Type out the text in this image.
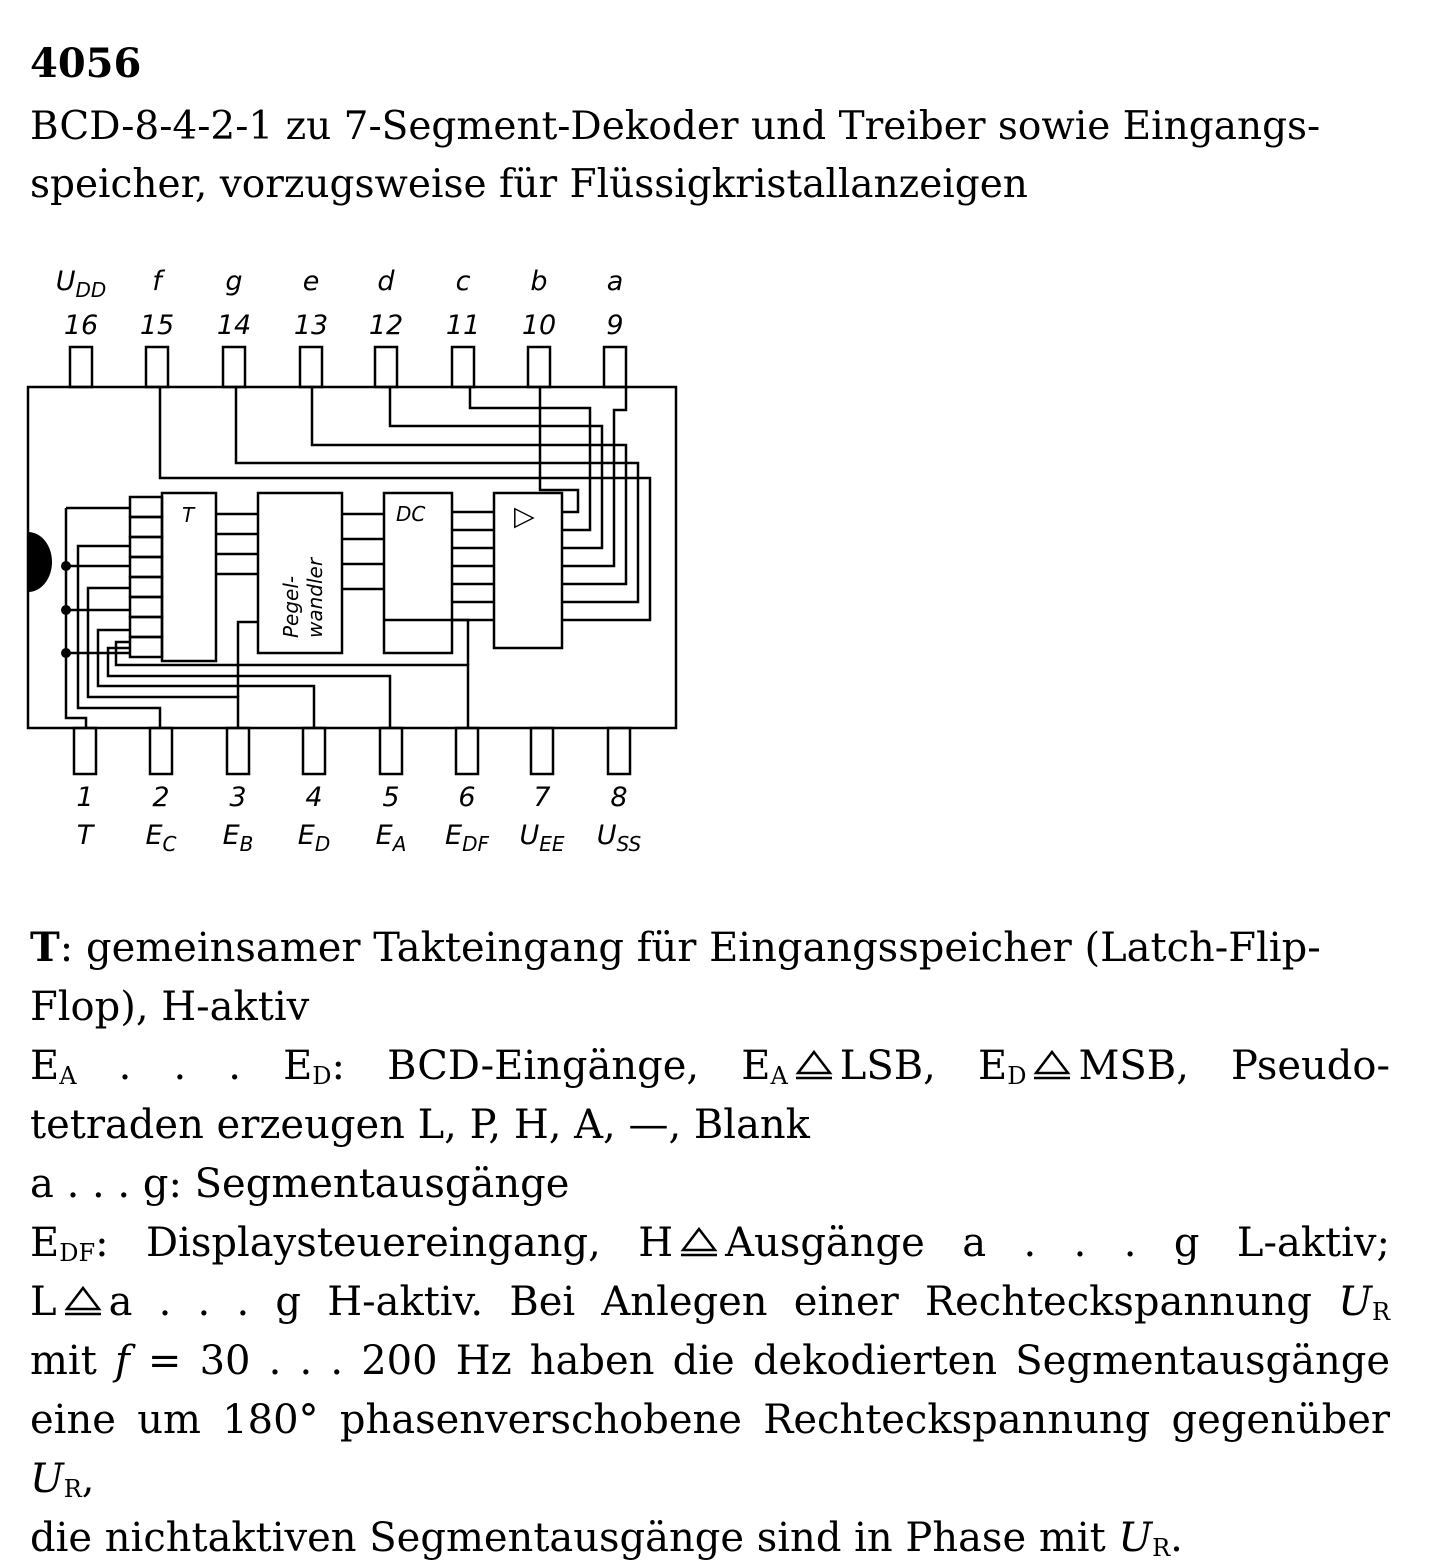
4056
BCD-8-4-2-1 zu 7-Segment-Dekoder und Treiber sowie Eingangs-speicher, vorzugsweise für Flüssigkristallanzeigen
T
Pegel- wandler
DC	▷
$U_{DD}$
16
f
15
g
14
e
13
d
12
c
11
b
10
a
9
1
T
2
$E_C$
3
$E_B$
4
$E_D$
5
$E_A$
6
$E_{DF}$
7
$U_{EE}$
8
$U_{SS}$

T: gemeinsamer Takteingang für Eingangsspeicher (Latch-Flip-

Flop), H-aktiv

$E_A$ . . . $E_D$: BCD-Eingänge, $E_A$ LSB, $E_D$ MSB, Pseudo-

tetraden erzeugen L, P, H, A, —, Blank

a . . . g: Segmentausgänge

$E_{DF}$: Displaysteuereingang, H Ausgänge a . . . g L-aktiv;

L a . . . g H-aktiv. Bei Anlegen einer Rechteckspannung $U_R$

mit f = 30 . . . 200 Hz haben die dekodierten Segmentausgänge

eine um 180° phasenverschobene Rechteckspannung gegenüber $U_R$,

die nichtaktiven Segmentausgänge sind in Phase mit $U_R$.
